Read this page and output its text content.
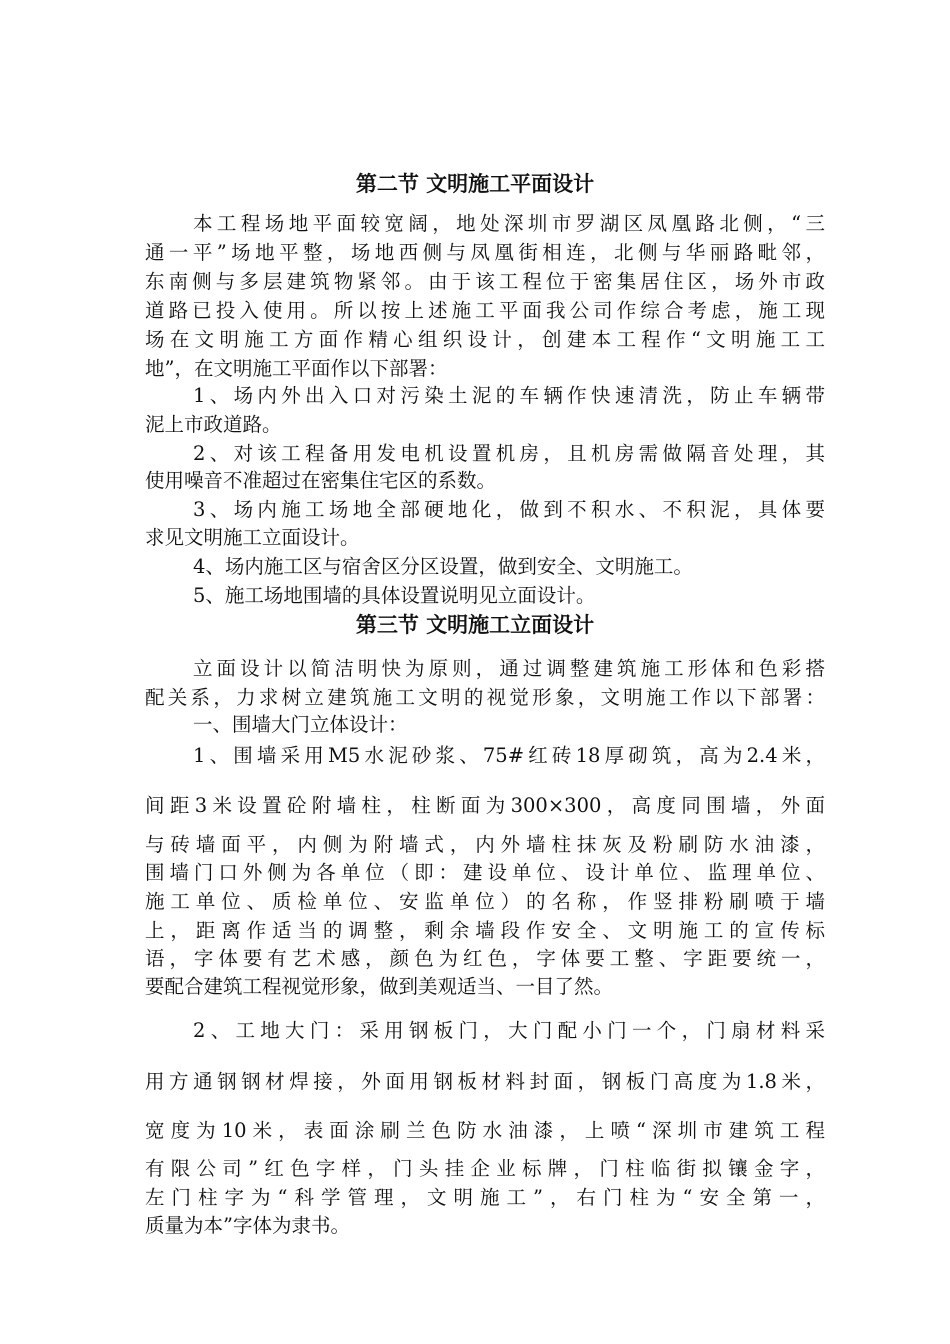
第二节 文明施工平面设计

本工程场地平面较宽阔，地处深圳市罗湖区凤凰路北侧，“三

通一平”场地平整，场地西侧与凤凰街相连，北侧与华丽路毗邻，

东南侧与多层建筑物紧邻。由于该工程位于密集居住区，场外市政

道路已投入使用。所以按上述施工平面我公司作综合考虑，施工现

场在文明施工方面作精心组织设计，创建本工程作“文明施工工

地”，在文明施工平面作以下部署：

1、场内外出入口对污染土泥的车辆作快速清洗，防止车辆带

泥上市政道路。

2、对该工程备用发电机设置机房，且机房需做隔音处理，其

使用噪音不准超过在密集住宅区的系数。

3、场内施工场地全部硬地化，做到不积水、不积泥，具体要

求见文明施工立面设计。

4、场内施工区与宿舍区分区设置，做到安全、文明施工。

5、施工场地围墙的具体设置说明见立面设计。

第三节 文明施工立面设计

立面设计以简洁明快为原则，通过调整建筑施工形体和色彩搭

配关系，力求树立建筑施工文明的视觉形象，文明施工作以下部署：

一、围墙大门立体设计：

1、围墙采用M5水泥砂浆、75#红砖18厚砌筑，高为2.4米，

间距3米设置砼附墙柱，柱断面为300×300，高度同围墙，外面

与砖墙面平，内侧为附墙式，内外墙柱抹灰及粉刷防水油漆，

围墙门口外侧为各单位（即：建设单位、设计单位、监理单位、

施工单位、质检单位、安监单位）的名称，作竖排粉刷喷于墙

上，距离作适当的调整，剩余墙段作安全、文明施工的宣传标

语，字体要有艺术感，颜色为红色，字体要工整、字距要统一，

要配合建筑工程视觉形象，做到美观适当、一目了然。

2、工地大门：采用钢板门，大门配小门一个，门扇材料采

用方通钢钢材焊接，外面用钢板材料封面，钢板门高度为1.8米，

宽度为10米，表面涂刷兰色防水油漆，上喷“深圳市建筑工程

有限公司”红色字样，门头挂企业标牌，门柱临街拟镶金字，

左门柱字为“科学管理，文明施工”，右门柱为“安全第一，

质量为本”字体为隶书。
